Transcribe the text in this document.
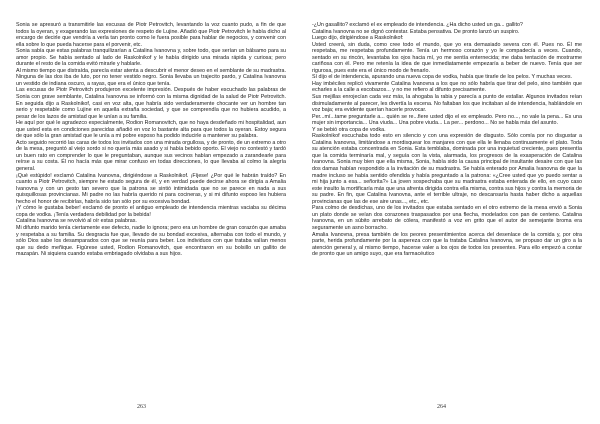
Sonia se apresuró a transmitirle las excusas de Piotr Petrovitch, levantando la voz cuanto pudo, a fin de que todos la oyeran, y exagerando las expresiones de respeto de Lujine. Añadió que Piotr Petrovitch le había dicho al encargo de decirle que vendría a verla tan pronto como le fuera posible para hablar de negocios, y convenir con ella sobre lo que pueda hacerse para el porvenir, etc.

Sonia sabía que estas palabras tranquilizarían a Catalina Ivanovna y, sobre todo, que serían un bálsamo para su amor propio. Se había sentado al lado de Raskolnikof y le había dirigido una mirada rápida y curiosa; pero durante el resto de la comida evitó mirarle y hablarle.

Al mismo tiempo que distraída, parecía estar atenta a descubrir el menor deseo en el semblante de su madrastra. Ninguna de las dos iba de luto, por no tener vestido negro. Sonia llevaba un trajecito pardo, y Catalina Ivanovna un vestido de indiana oscuro, a rayas, que era el único que tenía.

Las excusas de Piotr Petrovitch produjeron excelente impresión. Después de haber escuchado las palabras de Sonia con grave semblante, Catalina Ivanovna se informó con la misma dignidad de la salud de Piotr Petrovitch. En seguida dijo a Raskolnikof, casi en voz alta, que habría sido verdaderamente chocante ver un hombre tan serio y respetable como Lujine en aquella extraña sociedad, y que se comprendía que no hubiera acudido, a pesar de los lazos de amistad que le unían a su familia.

He aquí por qué le agradezco especialmente, Rodion Romanovitch, que no haya desdeñado mi hospitalidad, aun que usted esta en condiciones parecidas añadió en voz lo bastante alta para que todos la oyeran. Estoy segura de que sólo la gran amistad que le unía a mi pobre esposo ha podido inducirle a mantener su palabra.

Acto seguido recorrió las caras de todos los invitados con una mirada orgullosa, y de pronto, de un extremo a otro de la mesa, preguntó al viejo sordo si no quería más asado y si había bebido oporto. El viejo no contestó y tardó un buen rato en comprender lo que le preguntaban, aunque sus vecinos habían empezado a zarandearle para reírse a su costa. Él no hacía más que mirar confuso en todas direcciones, lo que llevaba al colmo la alegría general.

¡Qué estúpido! exclamó Catalina Ivanovna, dirigiéndose a Raskolnikof. ¡Fíjese! ¿Por qué le habrán traído? En cuanto a Piotr Petrovitch, siempre he estado segura de él, y en verdad puede decirse ahora se dirigía a Amalia Ivanovna y con un gesto tan severo que la patrona se sintió intimidada que no se parece en nada a sus quisquillosas provincianas. Mi padre no las habría querido ni para cocineras, y si mi difunto esposo les hubiera hecho el honor de recibirlas, habría sido tan sólo por su excesiva bondad.

¡Y cómo le gustaba beber! exclamó de pronto el antiguo empleado de intendencia mientras vaciaba su décima copa de vodka. ¡Tenía verdadera debilidad por la bebida!

Catalina Ivanovna se revolvió al oír estas palabras.

Mi difunto marido tenía ciertamente ese defecto, nadie lo ignora; pero era un hombre de gran corazón que amaba y respetaba a su familia. Su desgracia fue que, llevado de su bondad excesiva, alternaba con todo el mundo, y sólo Dios sabe los desamparados con que se reunía para beber. Los individuos con que trataba valían menos que su dedo meñique. Figúrese usted, Rodion Romanovitch, que encontraron en su bolsillo un gallito de mazapán. Ni siquiera cuando estaba embriagado olvidaba a sus hijos.

-¿Un gasallito? exclamó el ex empleado de intendencia. ¿Ha dicho usted un ga... gallito?

Catalina Ivanovna no se dignó contestar. Estaba pensativa. De pronto lanzó un suspiro.

Luego dijo, dirigiéndose a Raskolnikof:

Usted creerá, sin duda, como cree todo el mundo, que yo era demasiado severa con él. Pues no. Él me respetaba, me respetaba profundamente. Tenía un hermoso corazón y yo le compadecía a veces. Cuando, sentado en su rincón, levantaba los ojos hacia mí, yo me sentía enternecida; me daba tentación de mostrarme cariñosa con él. Pero me retenía la idea de que inmediatamente empezaría a beber de nuevo. Tenía que ser rigurosa, pues este era el único modo de frenarlo.

Sí dijo el de intendencia, apurando una nueva copa de vodka, había que tirarle de los pelos. Y muchas veces.

Hay imbéciles replicó vivamente Catalina Ivanovna a los que no sólo habría que tirar del pelo, sino también que echarles a la calle a escobazos... y no me refiero al difunto precisamente.

Sus mejillas enrojecían cada vez más, la ahogaba la rabia y parecía a punto de estallar. Algunos invitados reían disimuladamente al parecer, les divertía la escena. No faltaban los que incitaban al de intendencia, hablándole en voz baja; era evidente querían hacerle provocar.

Per...mí...tame preguntarle a... quién se re...fiere usted dijo el ex empleado. Pero no..., no vale la pena... Es una mujer sin importancia... Una viuda... Una pobre viuda... La per... perdono... No se habla más del asunto.

Y se bebió otra copa de vodka.

Raskolnikof escuchaba todo esto en silencio y con una expresión de disgusto. Sólo comía por no disgustar a Catalina Ivanovna, limitándose a mordisquear los manjares con que ella le llenaba continuamente el plato. Toda su atención estaba concentrada en Sonia. Esta temblaba, dominada por una inquietud creciente, pues presentía que la comida terminaría mal, y seguía con la vista, alarmada, los progresos de la exasperación de Catalina Ivanovna. Sonia muy bien que ella misma, Sonia, había sido la causa principal de insultante desaire con que las dos damas habían respondido a la invitación de su madrastra. Se había enterado por Amalia Ivanovna de que la madre incluso se había sentido ofendida y había preguntado a la patrona: «¿Cree usted que yo puedo sentar a mi hija junto a esa... señorita?» La joven sospechaba que su madrastra estaba enterada de ello, en cuyo caso este insulto la mortificaría más que una afrenta dirigida contra ella misma, contra sus hijos y contra la memoria de su padre. En fin, que Catalina Ivanovna, ante el terrible ultraje, no descansaría hasta haber dicho a aquellas provincianas que las de ese aire unas..., etc., etc.

Para colmo de desdichas, uno de los invitados que estaba sentado en el otro extremo de la mesa envió a Sonia un plato donde se veían dos corazones traspasados por una flecha, modelados con pan de centeno. Catalina Ivanovna, en un súbito arrebato de cólera, manifestó a voz en grito que el autor de semejante broma era seguramente un asno borracho.

Amalia Ivanovna, presa también de los peores presentimientos acerca del desenlace de la comida y, por otra parte, herida profundamente por la aspereza con que la trataba Catalina Ivanovna, se propuso dar un giro a la atención general y, al mismo tiempo, hacerse valer a los ojos de todos los presentes. Para ello empezó a contar de pronto que un amigo suyo, que era farmacéutico

263	264
